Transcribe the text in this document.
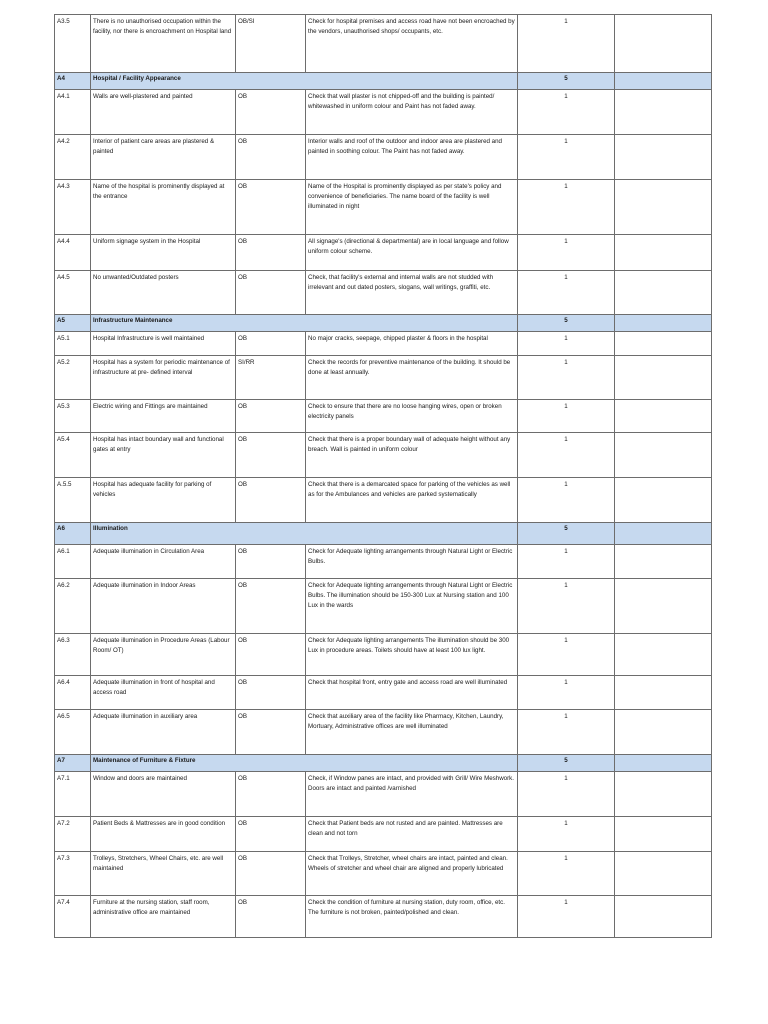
A3.5	There is no unauthorised occupation within the facility, nor there is encroachment on Hospital land	OB/SI	Check for hospital premises and access road have not been encroached by the vendors, unauthorised shops/ occupants, etc.	1	
A4	Hospital / Facility Appearance			5	
A4.1	Walls are well-plastered and painted	OB	Check that wall plaster is not chipped-off and the building is painted/ whitewashed in uniform colour and Paint has not faded away.	1	
A4.2	Interior of patient care areas are plastered & painted	OB	Interior walls and roof of the outdoor and indoor area are plastered and painted in soothing colour. The Paint has not faded away.	1	
A4.3	Name of the hospital is prominently displayed at the entrance	OB	Name of the Hospital is prominently displayed as per state's policy and convenience of beneficiaries. The name board of the facility is well illuminated in night	1	
A4.4	Uniform signage system in the Hospital	OB	All signage's (directional & departmental) are in local language and follow uniform colour scheme.	1	
A4.5	No unwanted/Outdated posters	OB	Check, that facility's external and internal walls are not studded with irrelevant and out dated posters, slogans, wall writings, graffiti, etc.	1	
A5	Infrastructure Maintenance			5	
A5.1	Hospital Infrastructure is well maintained	OB	No major cracks, seepage, chipped plaster & floors in the hospital	1	
A5.2	Hospital has a system for periodic maintenance of infrastructure at pre- defined interval	SI/RR	Check the records for preventive maintenance of the building. It should be done at least annually.	1	
A5.3	Electric wiring and Fittings are maintained	OB	Check to ensure that there are no loose hanging wires, open or broken electricity panels	1	
A5.4	Hospital has intact boundary wall and functional gates at entry	OB	Check that there is a proper boundary wall of adequate height without any breach. Wall is painted in uniform colour	1	
A.5.5	Hospital has adequate facility for parking of vehicles	OB	Check that there is a demarcated space for parking of the vehicles as well as for the Ambulances and vehicles are parked systematically	1	
A6	Illumination			5	
A6.1	Adequate illumination in Circulation Area	OB	Check for Adequate lighting arrangements through Natural Light or Electric Bulbs.	1	
A6.2	Adequate illumination in Indoor Areas	OB	Check for Adequate lighting arrangements through Natural Light or Electric Bulbs. The illumination should be 150-300 Lux at Nursing station and 100 Lux in the wards	1	
A6.3	Adequate illumination in Procedure Areas (Labour Room/ OT)	OB	Check for Adequate lighting arrangements The illumination should be 300 Lux in procedure areas. Toilets should have at least 100 lux light.	1	
A6.4	Adequate illumination in front of hospital and access road	OB	Check that hospital front, entry gate and access road are well illuminated	1	
A6.5	Adequate illumination in auxiliary area	OB	Check that auxiliary area of the facility like Pharmacy, Kitchen, Laundry, Mortuary, Administrative offices are well illuminated	1	
A7	Maintenance of Furniture & Fixture			5	
A7.1	Window and doors are maintained	OB	Check, if Window panes are intact, and provided with Grill/ Wire Meshwork. Doors are intact and painted /varnished	1	
A7.2	Patient Beds & Mattresses are in good condition	OB	Check that Patient beds are not rusted and are painted. Mattresses are clean and not torn	1	
A7.3	Trolleys, Stretchers, Wheel Chairs, etc. are well maintained	OB	Check that Trolleys, Stretcher, wheel chairs are intact, painted and clean. Wheels of stretcher and wheel chair are aligned and properly lubricated	1	
A7.4	Furniture at the nursing station, staff room, administrative office are maintained	OB	Check the condition of furniture at nursing station, duty room, office, etc. The furniture is not broken, painted/polished and clean.	1	
